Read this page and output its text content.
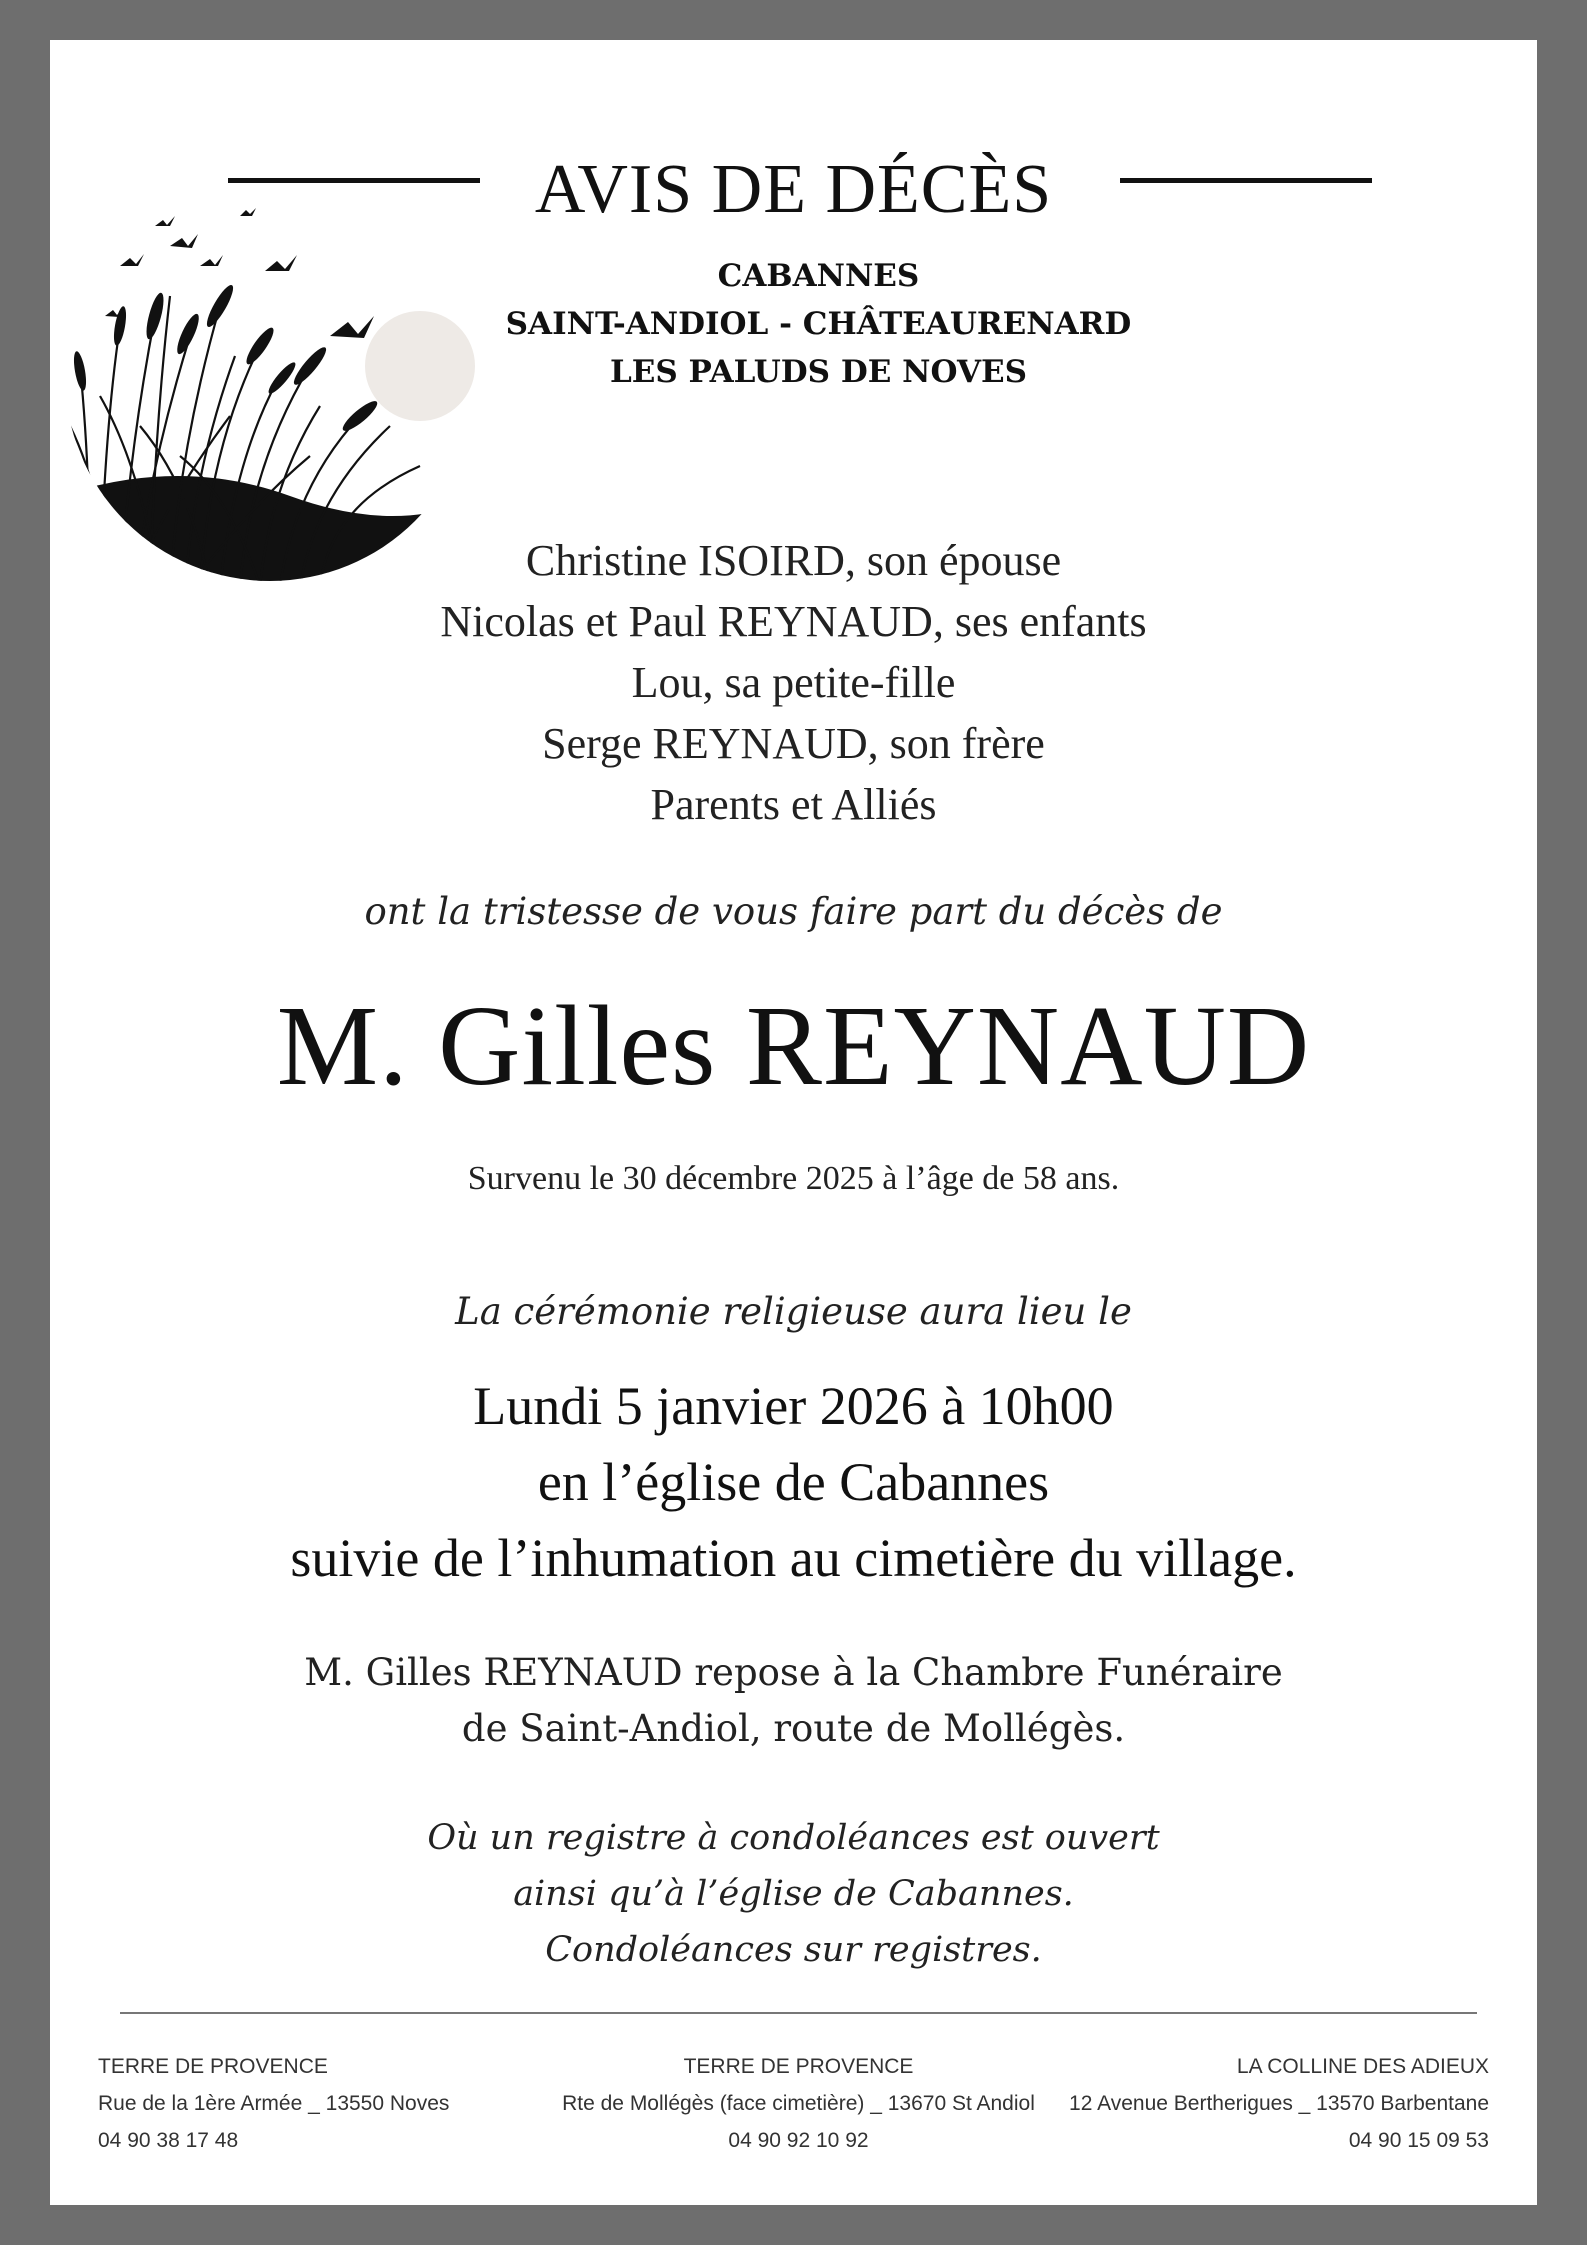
AVIS DE DÉCÈS
CABANNES
SAINT-ANDIOL - CHÂTEAURENARD
LES PALUDS DE NOVES
Christine ISOIRD, son épouse
Nicolas et Paul REYNAUD, ses enfants
Lou, sa petite-fille
Serge REYNAUD, son frère
Parents et Alliés
ont la tristesse de vous faire part du décès de
M. Gilles REYNAUD
Survenu le 30 décembre 2025 à l’âge de 58 ans.
La cérémonie religieuse aura lieu le
Lundi 5 janvier 2026 à 10h00
en l’église de Cabannes
suivie de l’inhumation au cimetière du village.
M. Gilles REYNAUD repose à la Chambre Funéraire
de Saint-Andiol, route de Mollégès.
Où un registre à condoléances est ouvert
ainsi qu’à l’église de Cabannes.
Condoléances sur registres.
TERRE DE PROVENCE
Rue de la 1ère Armée _ 13550 Noves
04 90 38 17 48
TERRE DE PROVENCE
Rte de Mollégès (face cimetière) _ 13670 St Andiol
04 90 92 10 92
LA COLLINE DES ADIEUX
12 Avenue Bertherigues _ 13570 Barbentane
04 90 15 09 53
